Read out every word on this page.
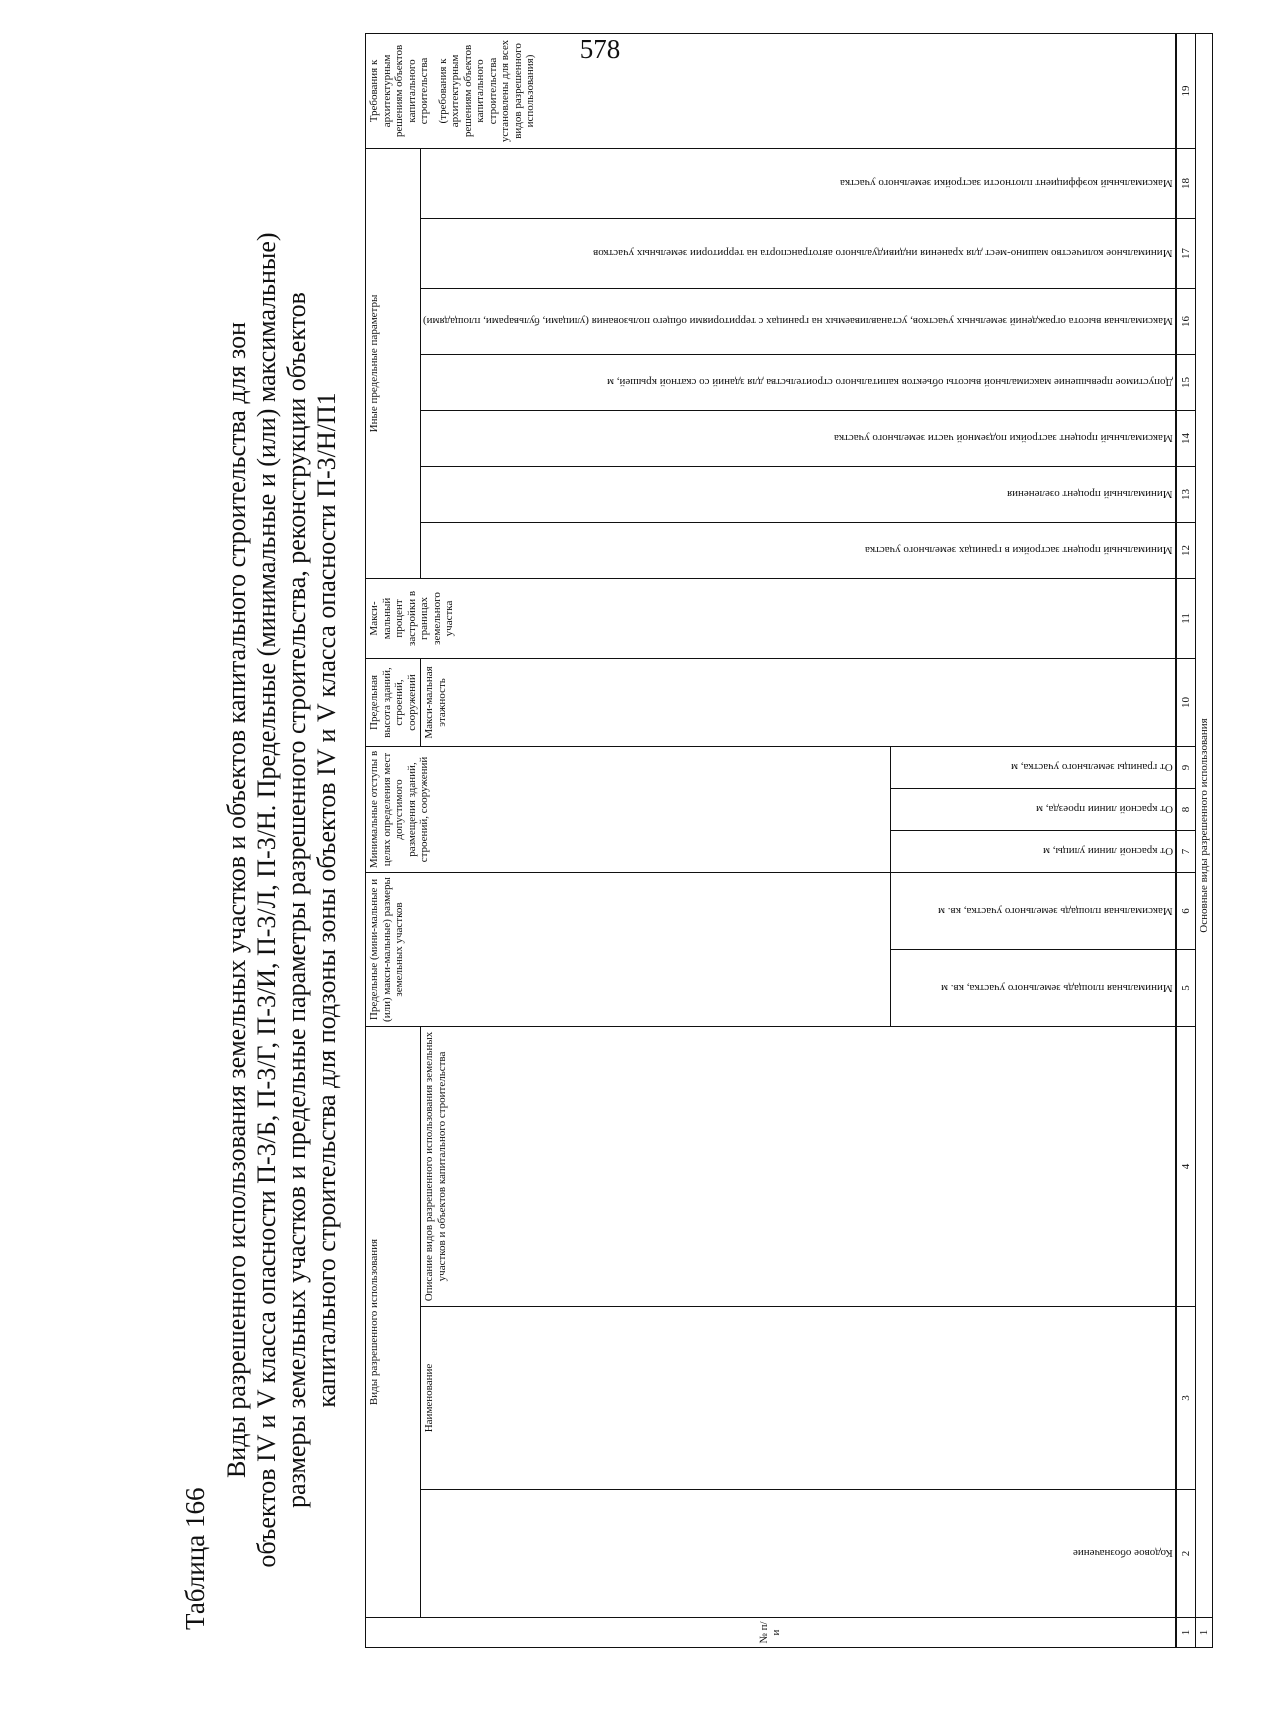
578
Таблица 166
Виды разрешенного использования земельных участков и объектов капитального строительства для зон объектов IV и V класса опасности П-3/Б, П-3/Г, П-3/И, П-3/Л, П-3/Н. Предельные (минимальные и (или) максимальные) размеры земельных участков и предельные параметры разрешенного строительства, реконструкции объектов капитального строительства для подзоны зоны объектов IV и V класса опасности П-3/Н/П1
№ п/и	Виды разрешенного использования			Предельные (мини-мальные и (или) макси-мальные) размеры земельных участков		Минимальные отступы в целях определения мест допустимого размещения зданий, строений, сооружений			Предельная высота зданий, строений, сооружений	Макси-мальный процент застройки в границах земельного участка	Иные предельные параметры							Требования к архитектурным решениям объектов капитального строительства (требования к архитектурным решениям объектов капитального строительства установлены для всех видов разрешенного использования)

	Кодовое обозначение	Наименование	Описание видов разрешенного использования земельных участков и объектов капитального строительства						Макси-мальная этажность		Минимальный процент застройки в границах земельного участка	Минимальный процент озеленения	Максимальный процент застройки подземной части земельного участка	Допустимое превышение максимальной высоты объектов капитального строительства для зданий со скатной крышей, м	Максимальная высота ограждений земельных участков, устанавливаемых на границах с территориями общего пользования (улицами, бульварами, площадями)	Минимальное количество машино-мест для хранения индивидуального автотранспорта на территории земельных участков	Максимальный коэффициент плотности застройки земельного участка	

				Минимальная площадь земельного участка, кв. м	Максимальная площадь земельного участка, кв. м	От красной линии улицы, м	От красной линии проезда, м	От границы земельного участка, м										

1	2	3	4	5	6	7	8	9	10	11	12	13	14	15	16	17	18	19
1	Основные виды разрешенного использования																	
